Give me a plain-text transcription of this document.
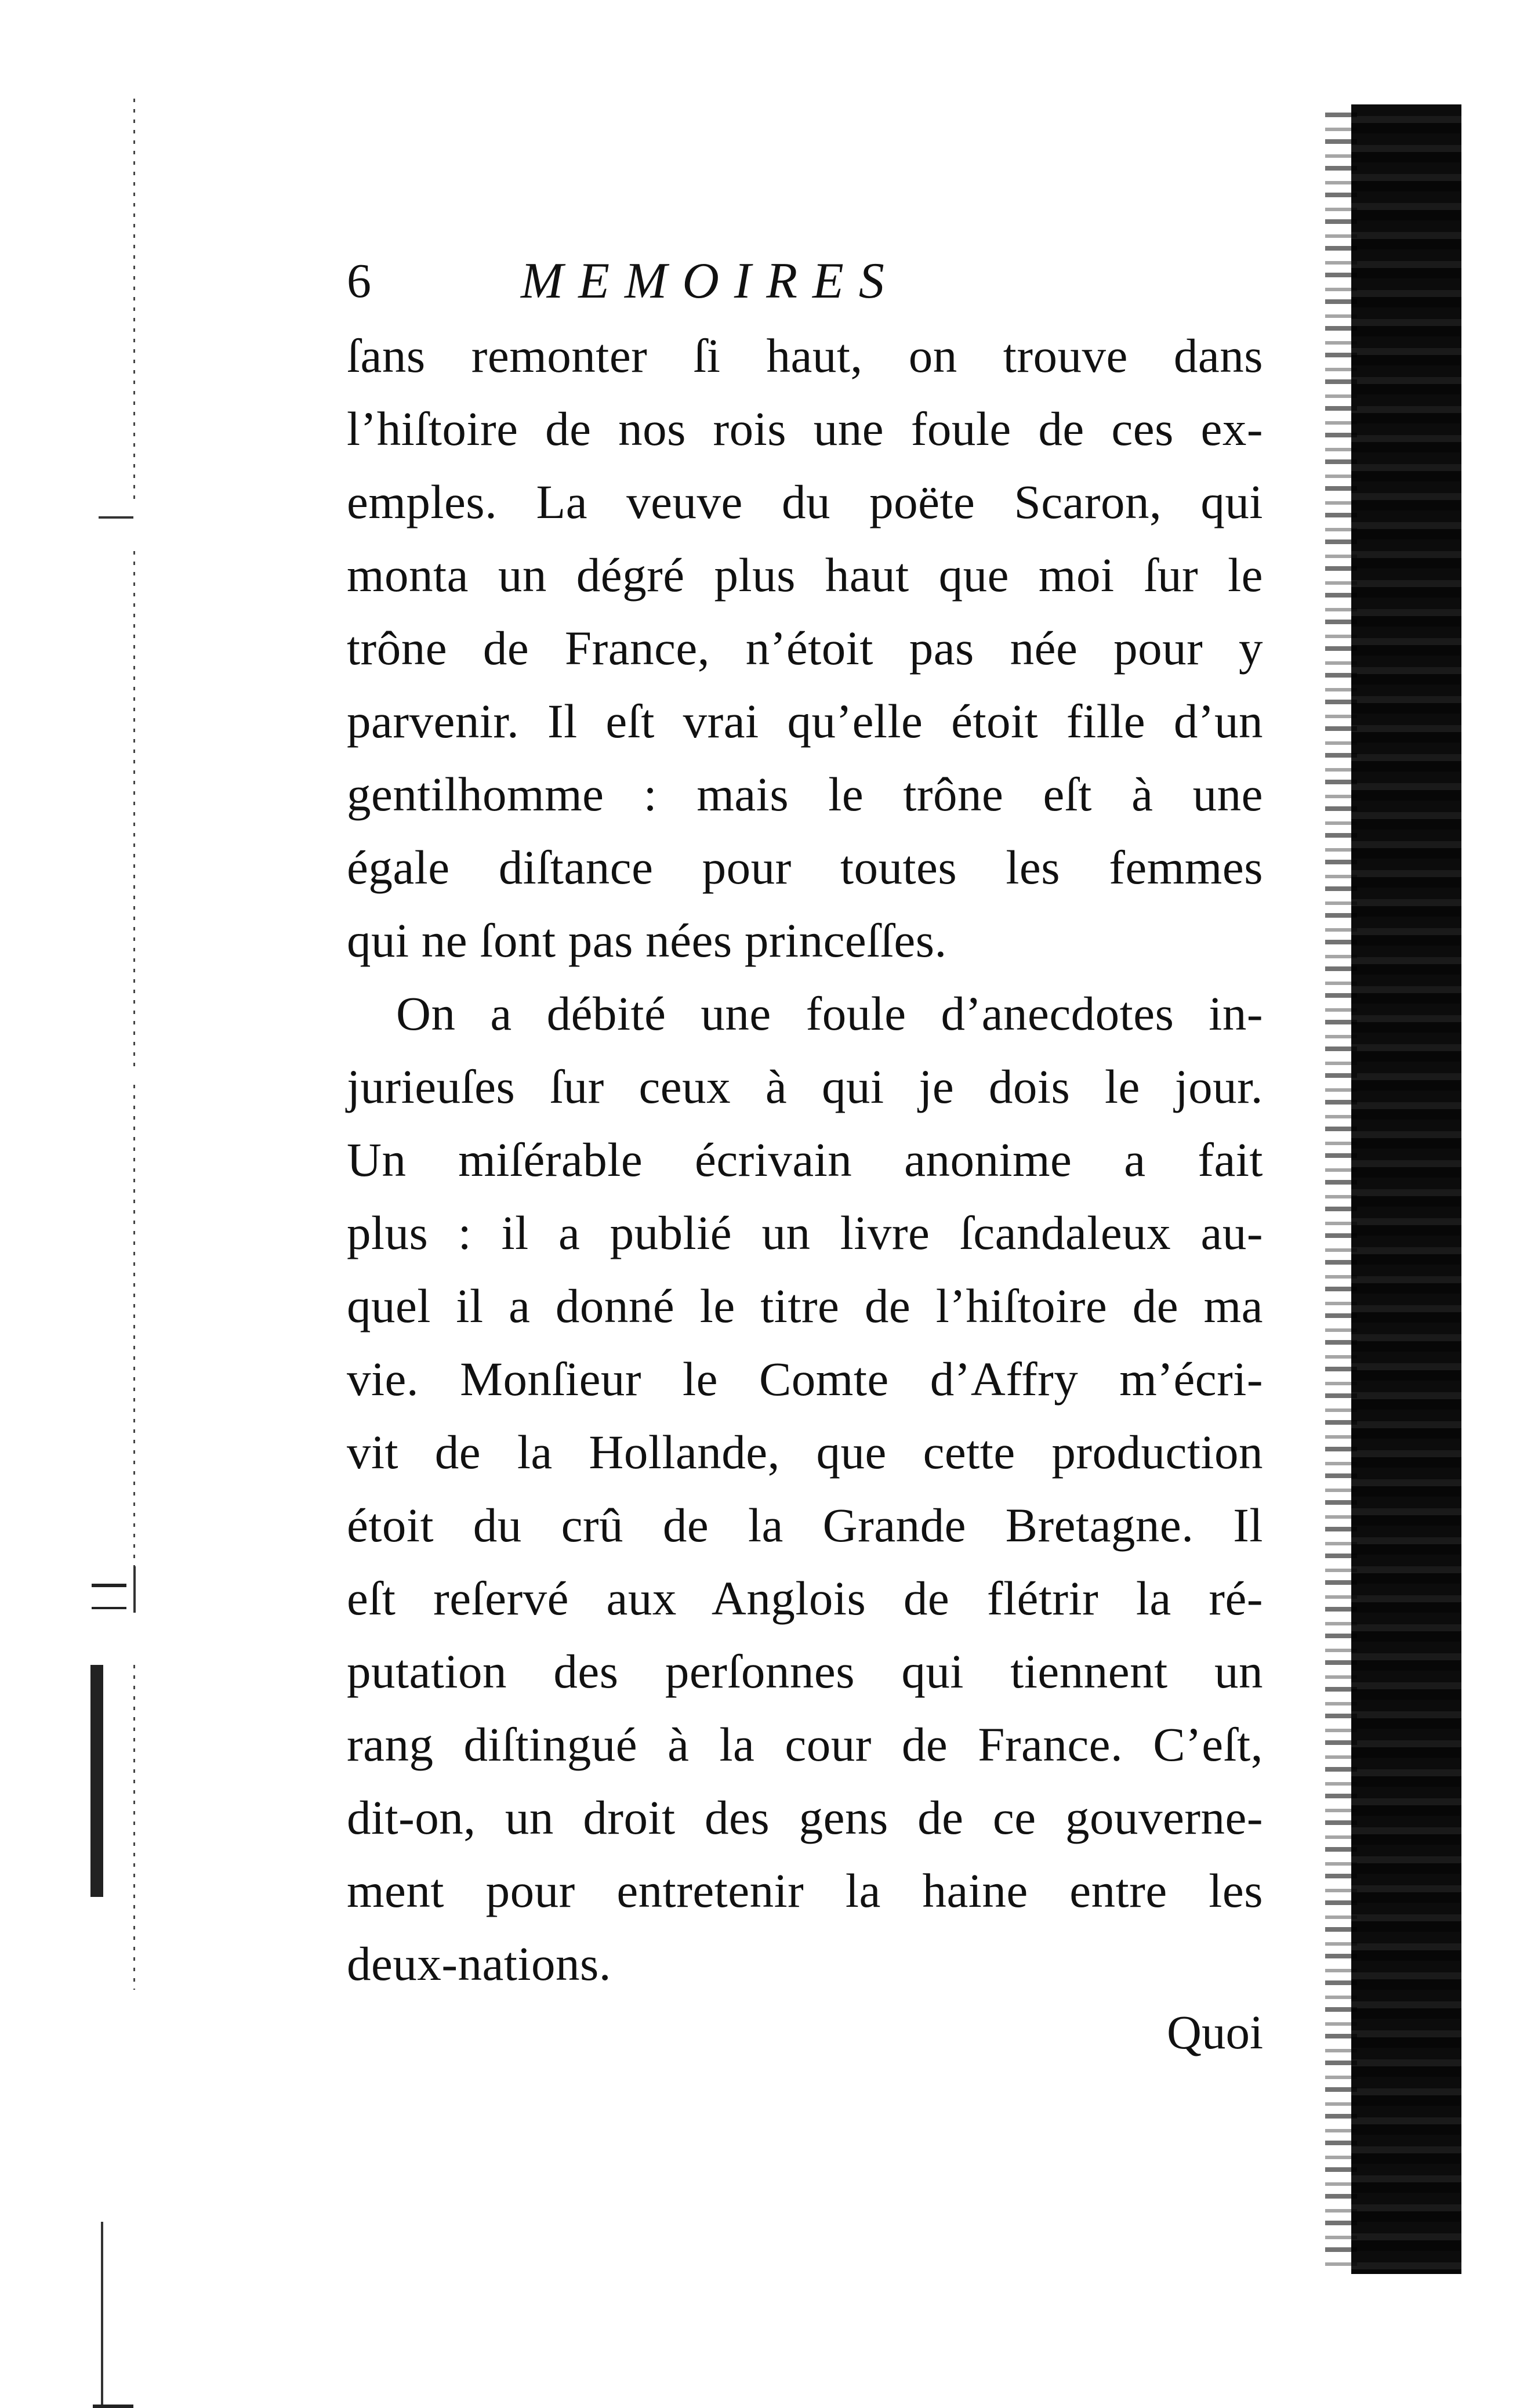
6	MEMOIRES
ſans remonter ſi haut, on trouve dans
l’hiſtoire de nos rois une foule de ces ex-
emples. La veuve du poëte Scaron, qui
monta un dégré plus haut que moi ſur le
trône de France, n’étoit pas née pour y
parvenir. Il eſt vrai qu’elle étoit fille d’un
gentilhomme : mais le trône eſt à une
égale diſtance pour toutes les femmes
qui ne ſont pas nées princeſſes.
On a débité une foule d’anecdotes in-
jurieuſes ſur ceux à qui je dois le jour.
Un miſérable écrivain anonime a fait
plus : il a publié un livre ſcandaleux au-
quel il a donné le titre de l’hiſtoire de ma
vie. Monſieur le Comte d’Affry m’écri-
vit de la Hollande, que cette production
étoit du crû de la Grande Bretagne. Il
eſt reſervé aux Anglois de flétrir la ré-
putation des perſonnes qui tiennent un
rang diſtingué à la cour de France. C’eſt,
dit-on, un droit des gens de ce gouverne-
ment pour entretenir la haine entre les
deux-nations.
Quoi
